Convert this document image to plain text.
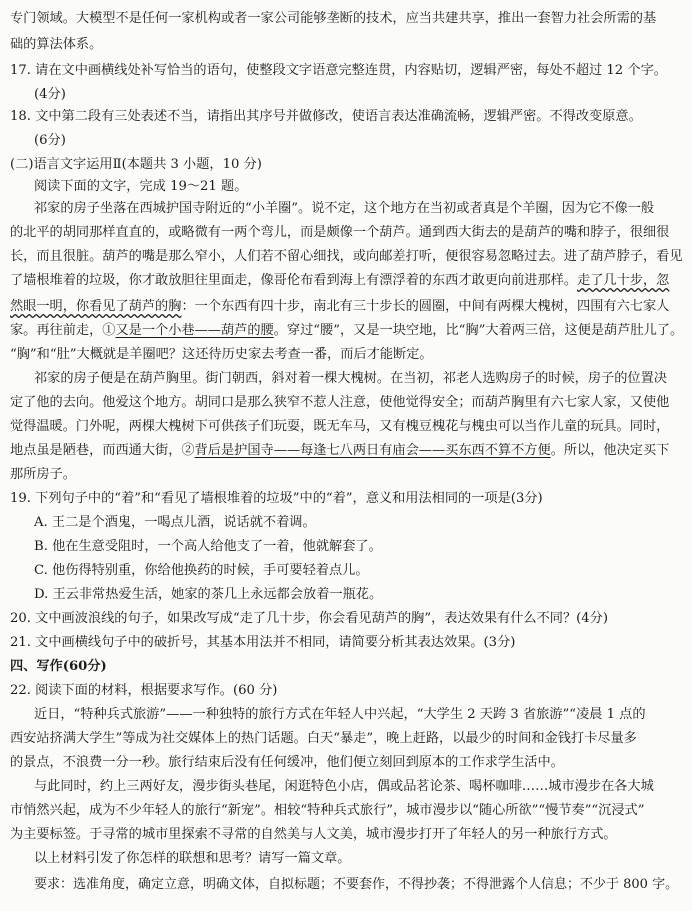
专门领域。大模型不是任何一家机构或者一家公司能够垄断的技术，应当共建共享，推出一套智力社会所需的基
础的算法体系。
17. 请在文中画横线处补写恰当的语句，使整段文字语意完整连贯，内容贴切，逻辑严密，每处不超过 12 个字。
(4分)
18. 文中第二段有三处表述不当，请指出其序号并做修改，使语言表达准确流畅，逻辑严密。不得改变原意。
(6分)
(二)语言文字运用Ⅱ(本题共 3 小题，10 分)
阅读下面的文字，完成 19～21 题。
祁家的房子坐落在西城护国寺附近的“小羊圈”。说不定，这个地方在当初或者真是个羊圈，因为它不像一般
的北平的胡同那样直直的，或略微有一两个弯儿，而是颇像一个葫芦。通到西大街去的是葫芦的嘴和脖子，很细很
长，而且很脏。葫芦的嘴是那么窄小，人们若不留心细找，或向邮差打听，便很容易忽略过去。进了葫芦脖子，看见
了墙根堆着的垃圾，你才敢放胆往里面走，像哥伦布看到海上有漂浮着的东西才敢更向前进那样。走了几十步，忽
然眼一明，你看见了葫芦的胸：一个东西有四十步，南北有三十步长的圆圈，中间有两棵大槐树，四围有六七家人
家。再往前走，①又是一个小巷——葫芦的腰。穿过“腰”，又是一块空地，比“胸”大着两三倍，这便是葫芦肚儿了。
“胸”和“肚”大概就是羊圈吧？这还待历史家去考查一番，而后才能断定。
祁家的房子便是在葫芦胸里。街门朝西，斜对着一棵大槐树。在当初，祁老人选购房子的时候，房子的位置决
定了他的去向。他爱这个地方。胡同口是那么狭窄不惹人注意，使他觉得安全；而葫芦胸里有六七家人家，又使他
觉得温暖。门外呢，两棵大槐树下可供孩子们玩耍，既无车马，又有槐豆槐花与槐虫可以当作儿童的玩具。同时，
地点虽是陋巷，而西通大街，②背后是护国寺——每逢七八两日有庙会——买东西不算不方便。所以，他决定买下
那所房子。
19. 下列句子中的“着”和“看见了墙根堆着的垃圾”中的“着”，意义和用法相同的一项是(3分)
A. 王二是个酒鬼，一喝点儿酒，说话就不着调。
B. 他在生意受阻时，一个高人给他支了一着，他就解套了。
C. 他伤得特别重，你给他换药的时候，手可要轻着点儿。
D. 王云非常热爱生活，她家的茶几上永远都会放着一瓶花。
20. 文中画波浪线的句子，如果改写成“走了几十步，你会看见葫芦的胸”，表达效果有什么不同？(4分)
21. 文中画横线句子中的破折号，其基本用法并不相同，请简要分析其表达效果。(3分)
四、写作(60分)
22. 阅读下面的材料，根据要求写作。(60 分)
近日，“特种兵式旅游”——一种独特的旅行方式在年轻人中兴起，“大学生 2 天跨 3 省旅游”“凌晨 1 点的
西安站挤满大学生”等成为社交媒体上的热门话题。白天“暴走”，晚上赶路，以最少的时间和金钱打卡尽量多
的景点，不浪费一分一秒。旅行结束后没有任何缓冲，他们便立刻回到原本的工作求学生活中。
与此同时，约上三两好友，漫步街头巷尾，闲逛特色小店，偶或品茗论茶、喝杯咖啡……城市漫步在各大城
市悄然兴起，成为不少年轻人的旅行“新宠”。相较“特种兵式旅行”，城市漫步以“随心所欲”“慢节奏”“沉浸式”
为主要标签。于寻常的城市里探索不寻常的自然美与人文美，城市漫步打开了年轻人的另一种旅行方式。
以上材料引发了你怎样的联想和思考？请写一篇文章。
要求：选准角度，确定立意，明确文体，自拟标题；不要套作，不得抄袭；不得泄露个人信息；不少于 800 字。
